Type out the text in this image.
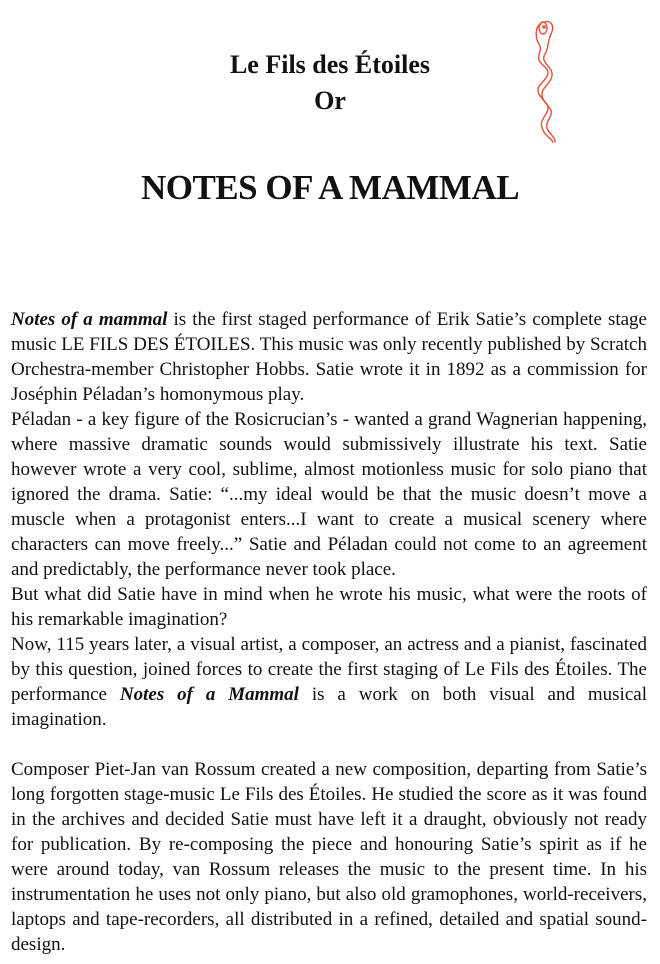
Le Fils des Étoiles
Or
NOTES OF A MAMMAL

Notes of a mammal is the first staged performance of Erik Satie’s complete stage music LE FILS DES ÉTOILES. This music was only recently published by Scratch Orchestra-member Christopher Hobbs. Satie wrote it in 1892 as a commission for Joséphin Péladan’s homonymous play.

Péladan - a key figure of the Rosicrucian’s - wanted a grand Wagnerian happening, where massive dramatic sounds would submissively illustrate his text. Satie however wrote a very cool, sublime, almost motionless music for solo piano that ignored the drama. Satie: “...my ideal would be that the music doesn’t move a muscle when a protagonist enters...I want to create a musical scenery where characters can move freely...” Satie and Péladan could not come to an agreement and predictably, the performance never took place.

But what did Satie have in mind when he wrote his music, what were the roots of his remarkable imagination?

Now, 115 years later, a visual artist, a composer, an actress and a pianist, fascinated by this question, joined forces to create the first staging of Le Fils des Étoiles. The performance Notes of a Mammal is a work on both visual and musical imagination.

Composer Piet-Jan van Rossum created a new composition, departing from Satie’s long forgotten stage-music Le Fils des Étoiles. He studied the score as it was found in the archives and decided Satie must have left it a draught, obviously not ready for publication. By re-composing the piece and honouring Satie’s spirit as if he were around today, van Rossum releases the music to the present time. In his instrumentation he uses not only piano, but also old gramophones, world-receivers, laptops and tape-recorders, all distributed in a refined, detailed and spatial sound-design.
